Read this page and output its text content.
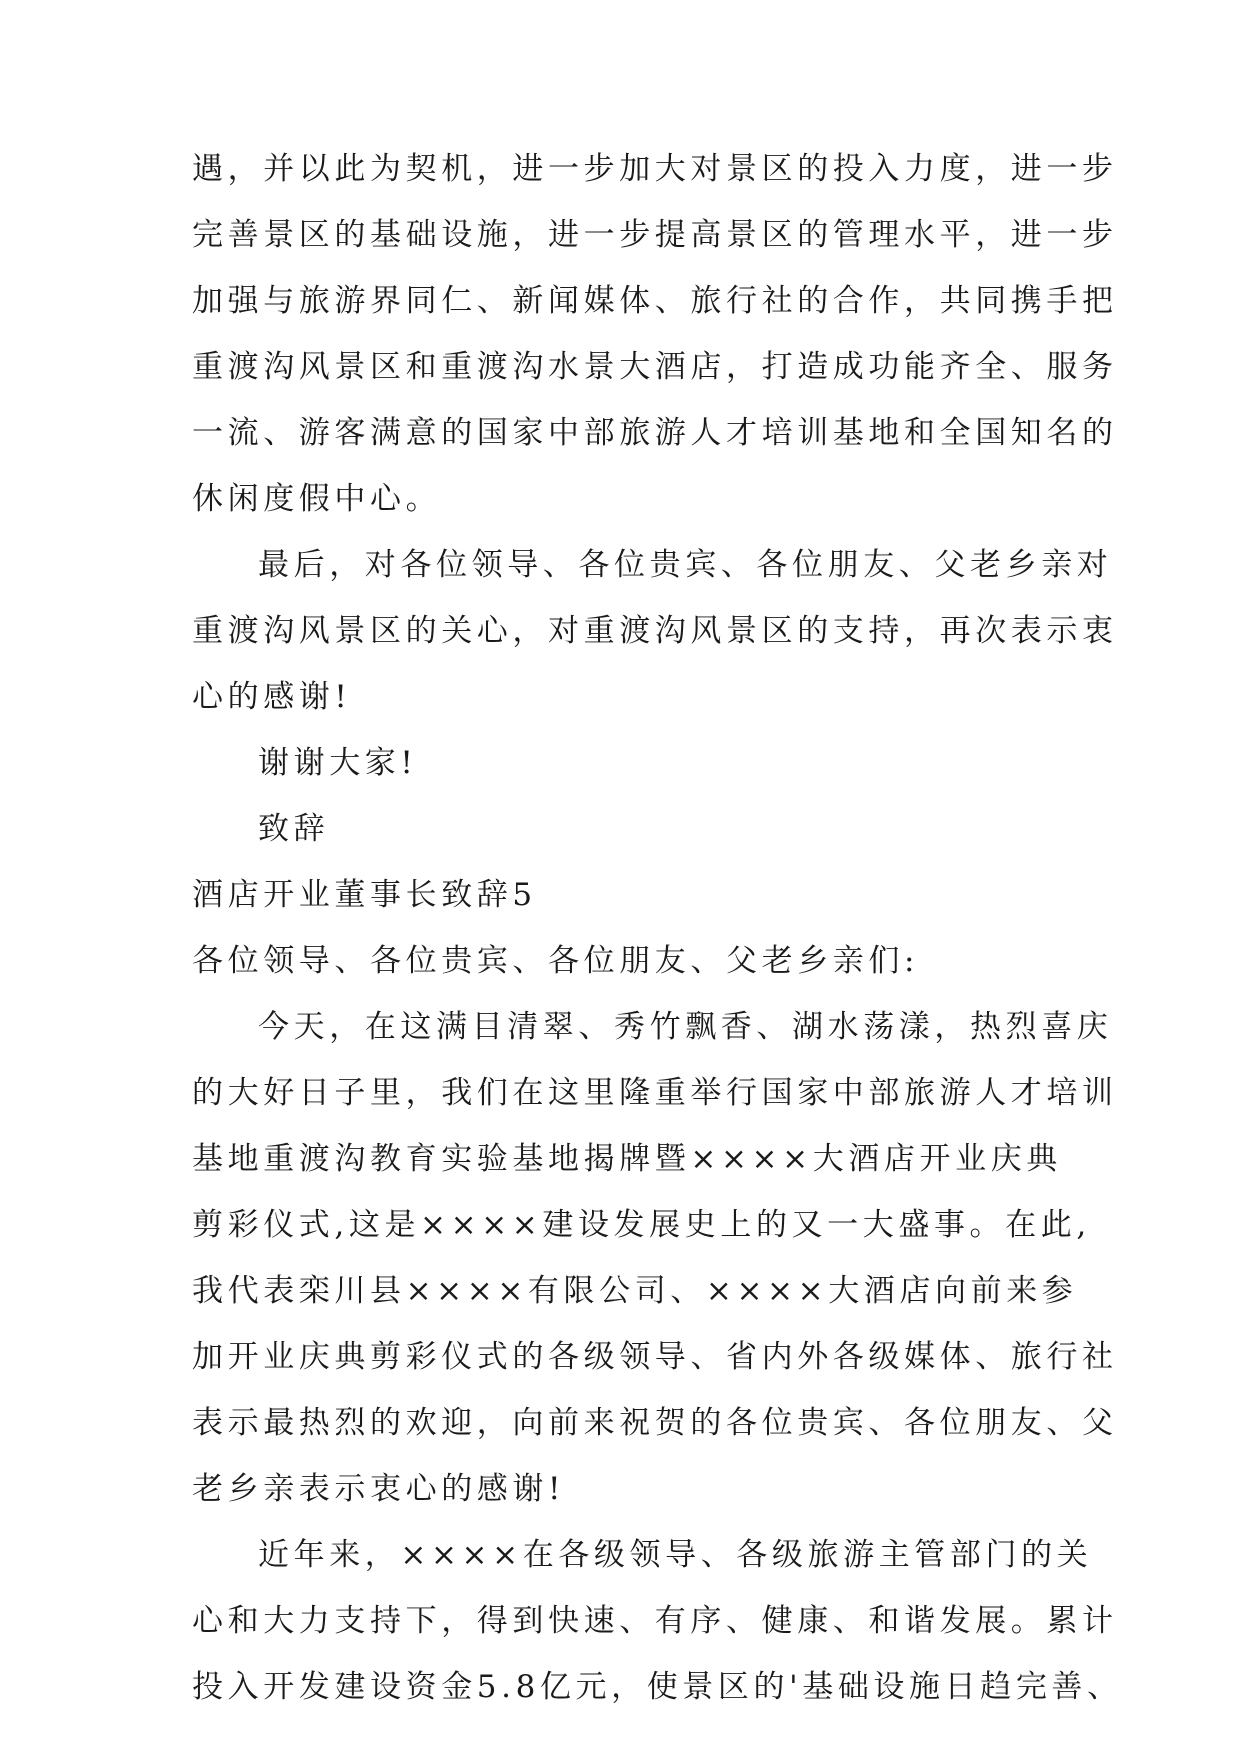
遇，并以此为契机，进一步加大对景区的投入力度，进一步
完善景区的基础设施，进一步提高景区的管理水平，进一步
加强与旅游界同仁、新闻媒体、旅行社的合作，共同携手把
重渡沟风景区和重渡沟水景大酒店，打造成功能齐全、服务
一流、游客满意的国家中部旅游人才培训基地和全国知名的
休闲度假中心。
最后，对各位领导、各位贵宾、各位朋友、父老乡亲对
重渡沟风景区的关心，对重渡沟风景区的支持，再次表示衷
心的感谢!
谢谢大家!
致辞
酒店开业董事长致辞5
各位领导、各位贵宾、各位朋友、父老乡亲们:
今天，在这满目清翠、秀竹飘香、湖水荡漾，热烈喜庆
的大好日子里，我们在这里隆重举行国家中部旅游人才培训
基地重渡沟教育实验基地揭牌暨××××大酒店开业庆典
剪彩仪式,这是××××建设发展史上的又一大盛事。在此,
我代表栾川县××××有限公司、××××大酒店向前来参
加开业庆典剪彩仪式的各级领导、省内外各级媒体、旅行社
表示最热烈的欢迎，向前来祝贺的各位贵宾、各位朋友、父
老乡亲表示衷心的感谢!
近年来，××××在各级领导、各级旅游主管部门的关
心和大力支持下，得到快速、有序、健康、和谐发展。累计
投入开发建设资金5.8亿元，使景区的'基础设施日趋完善、
